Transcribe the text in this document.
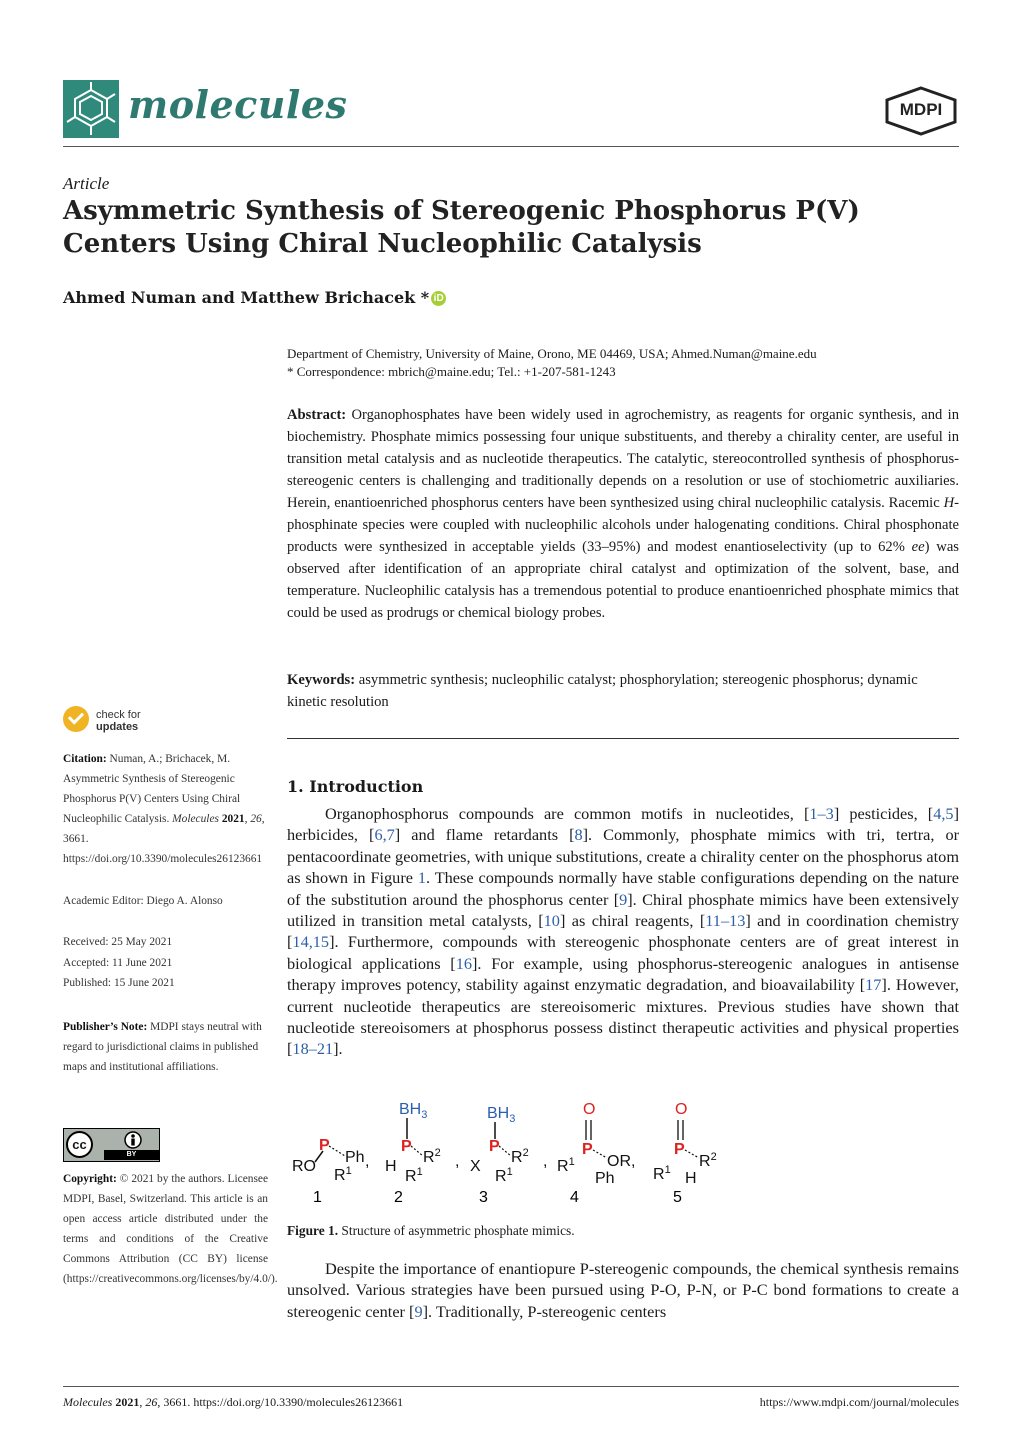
molecules	MDPI
Article
Asymmetric Synthesis of Stereogenic Phosphorus P(V) Centers Using Chiral Nucleophilic Catalysis
Ahmed Numan and Matthew Brichacek * iD
Department of Chemistry, University of Maine, Orono, ME 04469, USA; Ahmed.Numan@maine.edu
* Correspondence: mbrich@maine.edu; Tel.: +1-207-581-1243
Abstract: Organophosphates have been widely used in agrochemistry, as reagents for organic synthesis, and in biochemistry. Phosphate mimics possessing four unique substituents, and thereby a chirality center, are useful in transition metal catalysis and as nucleotide therapeutics. The catalytic, stereocontrolled synthesis of phosphorus-stereogenic centers is challenging and traditionally depends on a resolution or use of stochiometric auxiliaries. Herein, enantioenriched phosphorus centers have been synthesized using chiral nucleophilic catalysis. Racemic H-phosphinate species were coupled with nucleophilic alcohols under halogenating conditions. Chiral phosphonate products were synthesized in acceptable yields (33–95%) and modest enantioselectivity (up to 62% ee) was observed after identification of an appropriate chiral catalyst and optimization of the solvent, base, and temperature. Nucleophilic catalysis has a tremendous potential to produce enantioenriched phosphate mimics that could be used as prodrugs or chemical biology probes.
Keywords: asymmetric synthesis; nucleophilic catalyst; phosphorylation; stereogenic phosphorus; dynamic kinetic resolution
check for
updates
Citation: Numan, A.; Brichacek, M. Asymmetric Synthesis of Stereogenic Phosphorus P(V) Centers Using Chiral Nucleophilic Catalysis. Molecules 2021, 26, 3661. https://doi.org/10.3390/molecules26123661
Academic Editor: Diego A. Alonso
Received: 25 May 2021
Accepted: 11 June 2021
Published: 15 June 2021
Publisher’s Note: MDPI stays neutral with regard to jurisdictional claims in published maps and institutional affiliations.
cc
BY
Copyright: © 2021 by the authors. Licensee MDPI, Basel, Switzerland. This article is an open access article distributed under the terms and conditions of the Creative Commons Attribution (CC BY) license (https://creativecommons.org/licenses/by/4.0/).
1. Introduction
Organophosphorus compounds are common motifs in nucleotides, [1–3] pesticides, [4,5] herbicides, [6,7] and flame retardants [8]. Commonly, phosphate mimics with tri, tertra, or pentacoordinate geometries, with unique substitutions, create a chirality center on the phosphorus atom as shown in Figure 1. These compounds normally have stable configurations depending on the nature of the substitution around the phosphorus center [9]. Chiral phosphate mimics have been extensively utilized in transition metal catalysts, [10] as chiral reagents, [11–13] and in coordination chemistry [14,15]. Furthermore, compounds with stereogenic phosphonate centers are of great interest in biological applications [16]. For example, using phosphorus-stereogenic analogues in antisense therapy improves potency, stability against enzymatic degradation, and bioavailability [17]. However, current nucleotide therapeutics are stereoisomeric mixtures. Previous studies have shown that nucleotide stereoisomers at phosphorus possess distinct therapeutic activities and physical properties [18–21].
RO
P
Ph
$R^1$
,
$BH_3$
P
H
$R^2$
$R^1$
,
$BH_3$
P
X
$R^2$
$R^1$
,
O
P
$R^1$ OR ,
Ph
O
P
$R^1$ $R^2$
H
1	2	3	4	5
Figure 1. Structure of asymmetric phosphate mimics.
Despite the importance of enantiopure P-stereogenic compounds, the chemical synthesis remains unsolved. Various strategies have been pursued using P-O, P-N, or P-C bond formations to create a stereogenic center [9]. Traditionally, P-stereogenic centers
Molecules 2021, 26, 3661. https://doi.org/10.3390/molecules26123661	https://www.mdpi.com/journal/molecules
